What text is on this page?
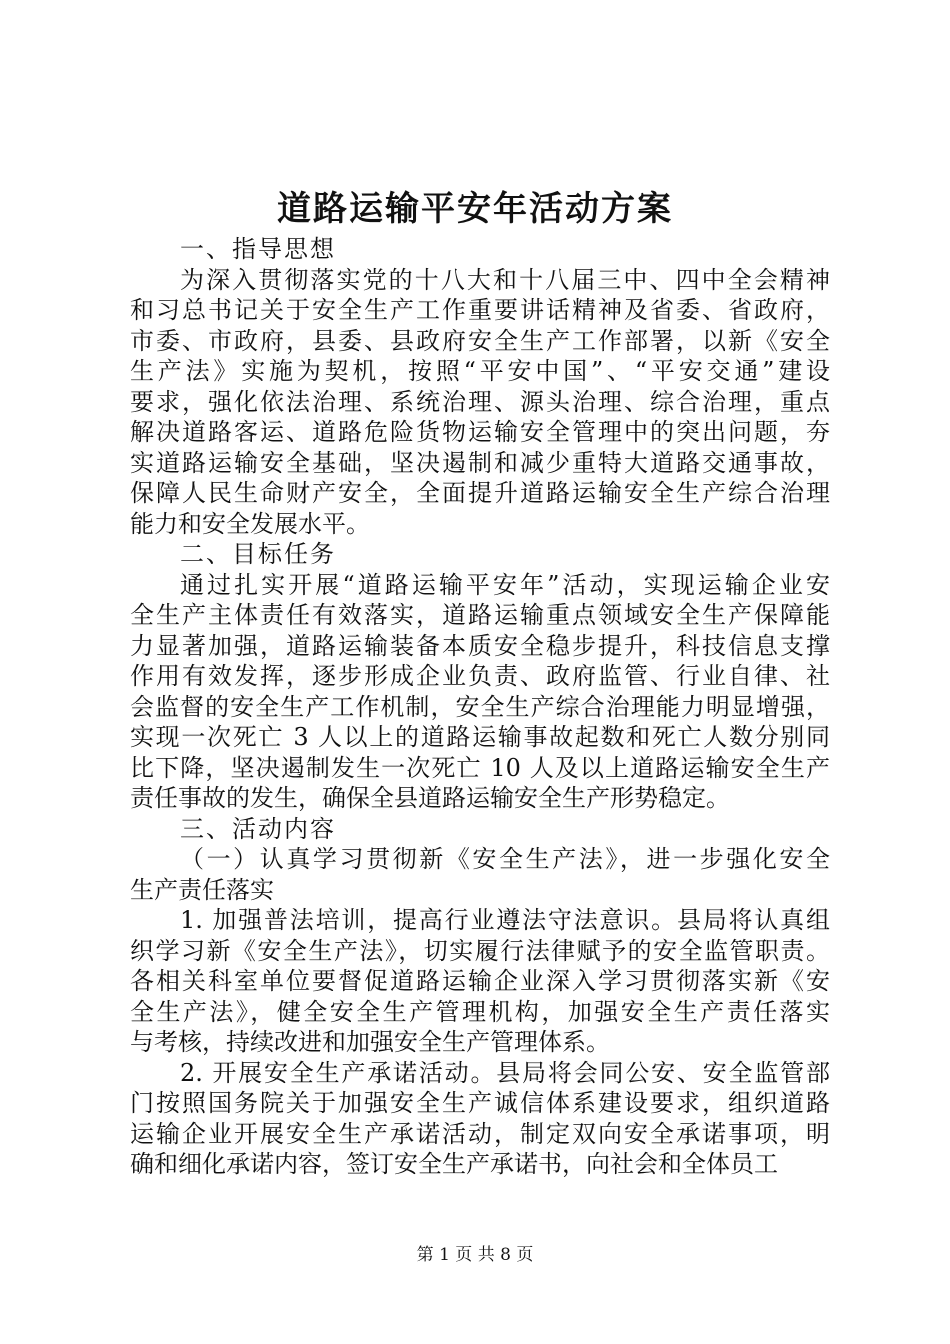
道路运输平安年活动方案
一、指导思想
为深入贯彻落实党的十八大和十八届三中、四中全会精神
和习总书记关于安全生产工作重要讲话精神及省委、省政府，
市委、市政府，县委、县政府安全生产工作部署，以新《安全
生产法》实施为契机，按照“平安中国”、“平安交通”建设
要求，强化依法治理、系统治理、源头治理、综合治理，重点
解决道路客运、道路危险货物运输安全管理中的突出问题，夯
实道路运输安全基础，坚决遏制和减少重特大道路交通事故，
保障人民生命财产安全，全面提升道路运输安全生产综合治理
能力和安全发展水平。
二、目标任务
通过扎实开展“道路运输平安年”活动，实现运输企业安
全生产主体责任有效落实，道路运输重点领域安全生产保障能
力显著加强，道路运输装备本质安全稳步提升，科技信息支撑
作用有效发挥，逐步形成企业负责、政府监管、行业自律、社
会监督的安全生产工作机制，安全生产综合治理能力明显增强，
实现一次死亡 3 人以上的道路运输事故起数和死亡人数分别同
比下降，坚决遏制发生一次死亡 10 人及以上道路运输安全生产
责任事故的发生，确保全县道路运输安全生产形势稳定。
三、活动内容
（一）认真学习贯彻新《安全生产法》，进一步强化安全
生产责任落实
1. 加强普法培训，提高行业遵法守法意识。县局将认真组
织学习新《安全生产法》，切实履行法律赋予的安全监管职责。
各相关科室单位要督促道路运输企业深入学习贯彻落实新《安
全生产法》，健全安全生产管理机构，加强安全生产责任落实
与考核，持续改进和加强安全生产管理体系。
2. 开展安全生产承诺活动。县局将会同公安、安全监管部
门按照国务院关于加强安全生产诚信体系建设要求，组织道路
运输企业开展安全生产承诺活动，制定双向安全承诺事项，明
确和细化承诺内容，签订安全生产承诺书，向社会和全体员工
第 1 页 共 8 页
